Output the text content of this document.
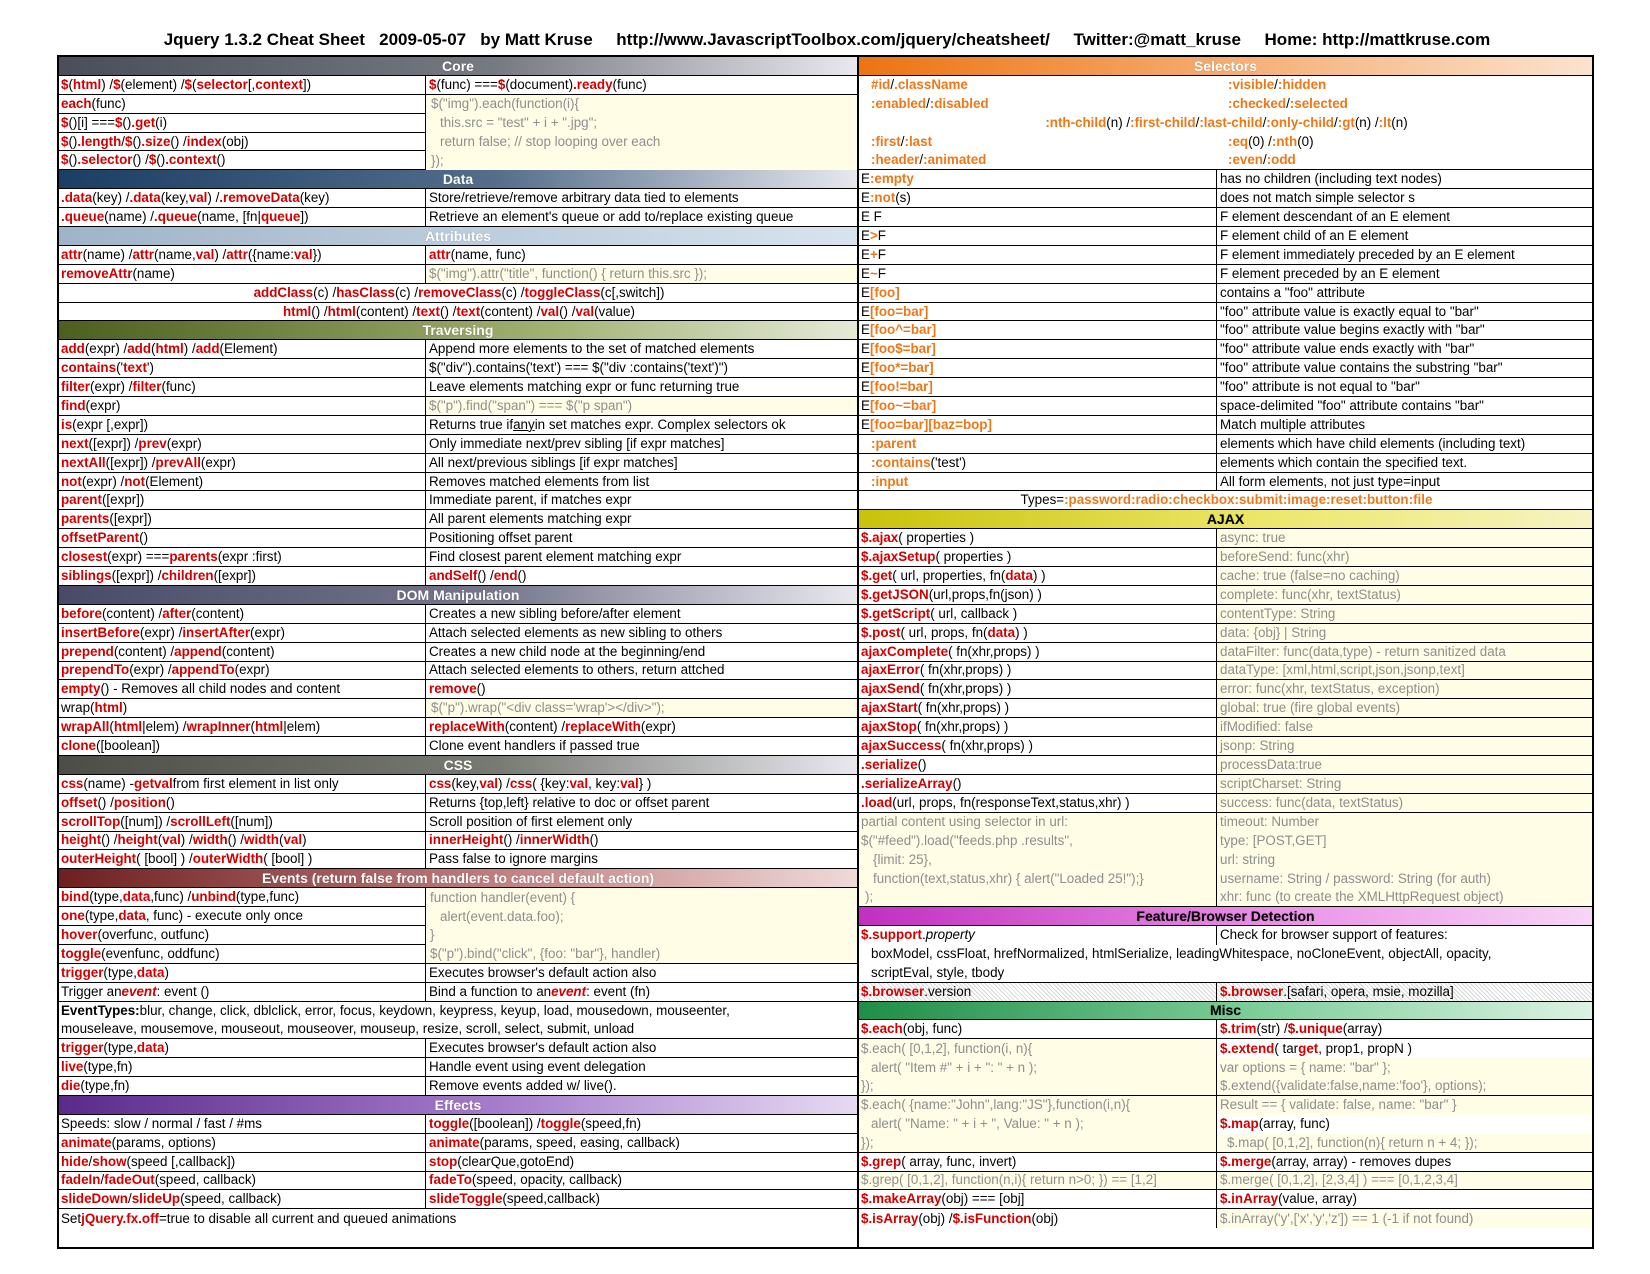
Jquery 1.3.2 Cheat Sheet   2009-05-07   by Matt Kruse     http://www.JavascriptToolbox.com/jquery/cheatsheet/     Twitter:@matt_kruse     Home: http://mattkruse.com
Core
$ ( html ) / $ (element) / $ ( selector [, context ])	$ (func) === $ (document) .ready (func)
each (func)	$("img").each(function(i){
$ ()[i] === $ () .get (i)	this.src = "test" + i + ".jpg";
$ () .length / $ () .size () / index (obj)	return false; // stop looping over each
$ () .selector () / $ () .context ()	});
Data
.data (key) / .data (key, val ) / .removeData (key)	Store/retrieve/remove arbitrary data tied to elements
.queue (name) / .queue (name, [fn| queue ])	Retrieve an element's queue or add to/replace existing queue
Attributes
attr (name) / attr (name, val ) / attr ({name: val })	attr (name, func)
removeAttr (name)	$("img").attr("title", function() { return this.src });
addClass (c) / hasClass (c) / removeClass (c) / toggleClass (c[,switch])
html () / html (content) / text () / text (content) / val () / val (value)
Traversing
add (expr) / add ( html ) / add (Element)	Append more elements to the set of matched elements
contains (' text ')	$("div").contains('text') === $("div :contains('text')")
filter (expr) / filter (func)	Leave elements matching expr or func returning true
find (expr)	$("p").find("span") === $("p span")
is (expr [,expr])	Returns true if any in set matches expr. Complex selectors ok
next ([expr]) / prev (expr)	Only immediate next/prev sibling [if expr matches]
nextAll ([expr]) / prevAll (expr)	All next/previous siblings [if expr matches]
not (expr) / not (Element)	Removes matched elements from list
parent ([expr])	Immediate parent, if matches expr
parents ([expr])	All parent elements matching expr
offsetParent ()	Positioning offset parent
closest (expr) === parents (expr :first)	Find closest parent element matching expr
siblings ([expr]) / children ([expr])	andSelf () / end ()
DOM Manipulation
before (content) / after (content)	Creates a new sibling before/after element
insertBefore (expr) / insertAfter (expr)	Attach selected elements as new sibling to others
prepend (content) / append (content)	Creates a new child node at the beginning/end
prependTo (expr) / appendTo (expr)	Attach selected elements to others, return attched
empty () - Removes all child nodes and content	remove ()
wrap( html )	$("p").wrap("<div class='wrap'></div>");
wrapAll ( html |elem) / wrapInner ( html |elem)	replaceWith (content) / replaceWith (expr)
clone ([boolean])	Clone event handlers if passed true
CSS
css (name) - get val from first element in list only	css (key, val ) / css ( {key: val , key: val } )
offset () / position ()	Returns {top,left} relative to doc or offset parent
scrollTop ([num]) / scrollLeft ([num])	Scroll position of first element only
height () / height ( val ) / width () / width ( val )	innerHeight () / innerWidth ()
outerHeight ( [bool] ) / outerWidth ( [bool] )	Pass false to ignore margins
Events (return false from handlers to cancel default action)
bind (type, data ,func) / unbind (type,func)	function handler(event) {
one (type, data , func) - execute only once	alert(event.data.foo);
hover (overfunc, outfunc)	}
toggle (evenfunc, oddfunc)	$("p").bind("click", {foo: "bar"}, handler)
trigger (type, data )	Executes browser's default action also
Trigger an event : event ()	Bind a function to an event : event (fn)
EventTypes: blur, change, click, dblclick, error, focus, keydown, keypress, keyup, load, mousedown, mouseenter,
mouseleave, mousemove, mouseout, mouseover, mouseup, resize, scroll, select, submit, unload
trigger (type, data )	Executes browser's default action also
live (type,fn)	Handle event using event delegation
die (type,fn)	Remove events added w/ live().
Effects
Speeds: slow / normal / fast / #ms	toggle ([boolean]) / toggle (speed,fn)
animate (params, options)	animate (params, speed, easing, callback)
hide / show (speed [,callback])	stop (clearQue,gotoEnd)
fadeIn / fadeOut (speed, callback)	fadeTo (speed, opacity, callback)
slideDown / slideUp (speed, callback)	slideToggle (speed,callback)
Set jQuery.fx.off =true to disable all current and queued animations
Selectors
#id / .className	:visible / :hidden
:enabled / :disabled	:checked / :selected
:nth-child (n) / :first-child / :last-child / :only-child / :gt (n) / :lt (n)
:first / :last	:eq (0) / :nth (0)
:header / :animated	:even / :odd
E :empty	has no children (including text nodes)
E :not (s)	does not match simple selector s
E F	F element descendant of an E element
E > F	F element child of an E element
E + F	F element immediately preceded by an E element
E ~ F	F element preceded by an E element
E [foo]	contains a "foo" attribute
E [foo=bar]	"foo" attribute value is exactly equal to "bar"
E [foo^=bar]	"foo" attribute value begins exactly with "bar"
E [foo$=bar]	"foo" attribute value ends exactly with "bar"
E [foo*=bar]	"foo" attribute value contains the substring "bar"
E [foo!=bar]	"foo" attribute is not equal to "bar"
E [foo~=bar]	space-delimited "foo" attribute contains "bar"
E [foo=bar] [baz=bop]	Match multiple attributes
:parent	elements which have child elements (including text)
:contains ('test')	elements which contain the specified text.
:input	All form elements, not just type=input
Types= :password :radio :checkbox :submit :image :reset :button :file
AJAX
$.ajax ( properties )	async: true
$.ajaxSetup ( properties )	beforeSend: func(xhr)
$.get ( url, properties, fn( data ) )	cache: true (false=no caching)
$.getJSON (url,props,fn(json) )	complete: func(xhr, textStatus)
$.getScript ( url, callback )	contentType: String
$.post ( url, props, fn( data ) )	data: {obj} | String
ajaxComplete ( fn(xhr,props) )	dataFilter: func(data,type) - return sanitized data
ajaxError ( fn(xhr,props) )	dataType: [xml,html,script,json,jsonp,text]
ajaxSend ( fn(xhr,props) )	error: func(xhr, textStatus, exception)
ajaxStart ( fn(xhr,props) )	global: true (fire global events)
ajaxStop ( fn(xhr,props) )	ifModified: false
ajaxSuccess ( fn(xhr,props) )	jsonp: String
.serialize ()	processData:true
.serializeArray ()	scriptCharset: String
.load (url, props, fn(responseText,status,xhr) )	success: func(data, textStatus)
partial content using selector in url:	timeout: Number
$("#feed").load("feeds.php .results",	type: [POST,GET]
{limit: 25},	url: string
function(text,status,xhr) { alert("Loaded 25!");}	username: String / password: String (for auth)
);	xhr: func (to create the XMLHttpRequest object)
Feature/Browser Detection
$.support . property	Check for browser support of features:
boxModel, cssFloat, hrefNormalized, htmlSerialize, leadingWhitespace, noCloneEvent, objectAll, opacity,
scriptEval, style, tbody
$.browser .version	$.browser .[safari, opera, msie, mozilla]
Misc
$.each (obj, func)	$.trim (str) / $.unique (array)
$.each( [0,1,2], function(i, n){	$.extend ( tar get , prop1, propN )
alert( "Item #" + i + ": " + n );	var options = { name: "bar" };
});	$.extend({validate:false,name:'foo'}, options);
$.each( {name:"John",lang:"JS"},function(i,n){	Result == { validate: false, name: "bar" }
alert( "Name: " + i + ", Value: " + n );	$.map (array, func)
});	$.map( [0,1,2], function(n){ return n + 4; });
$.grep ( array, func, invert)	$.merge (array, array) - removes dupes
$.grep( [0,1,2], function(n,i){ return n>0; }) == [1,2]	$.merge( [0,1,2], [2,3,4] ) === [0,1,2,3,4]
$.makeArray (obj) === [obj]	$.inArray (value, array)
$.isArray (obj) / $.isFunction (obj)	$.inArray('y',['x','y','z']) == 1 (-1 if not found)
